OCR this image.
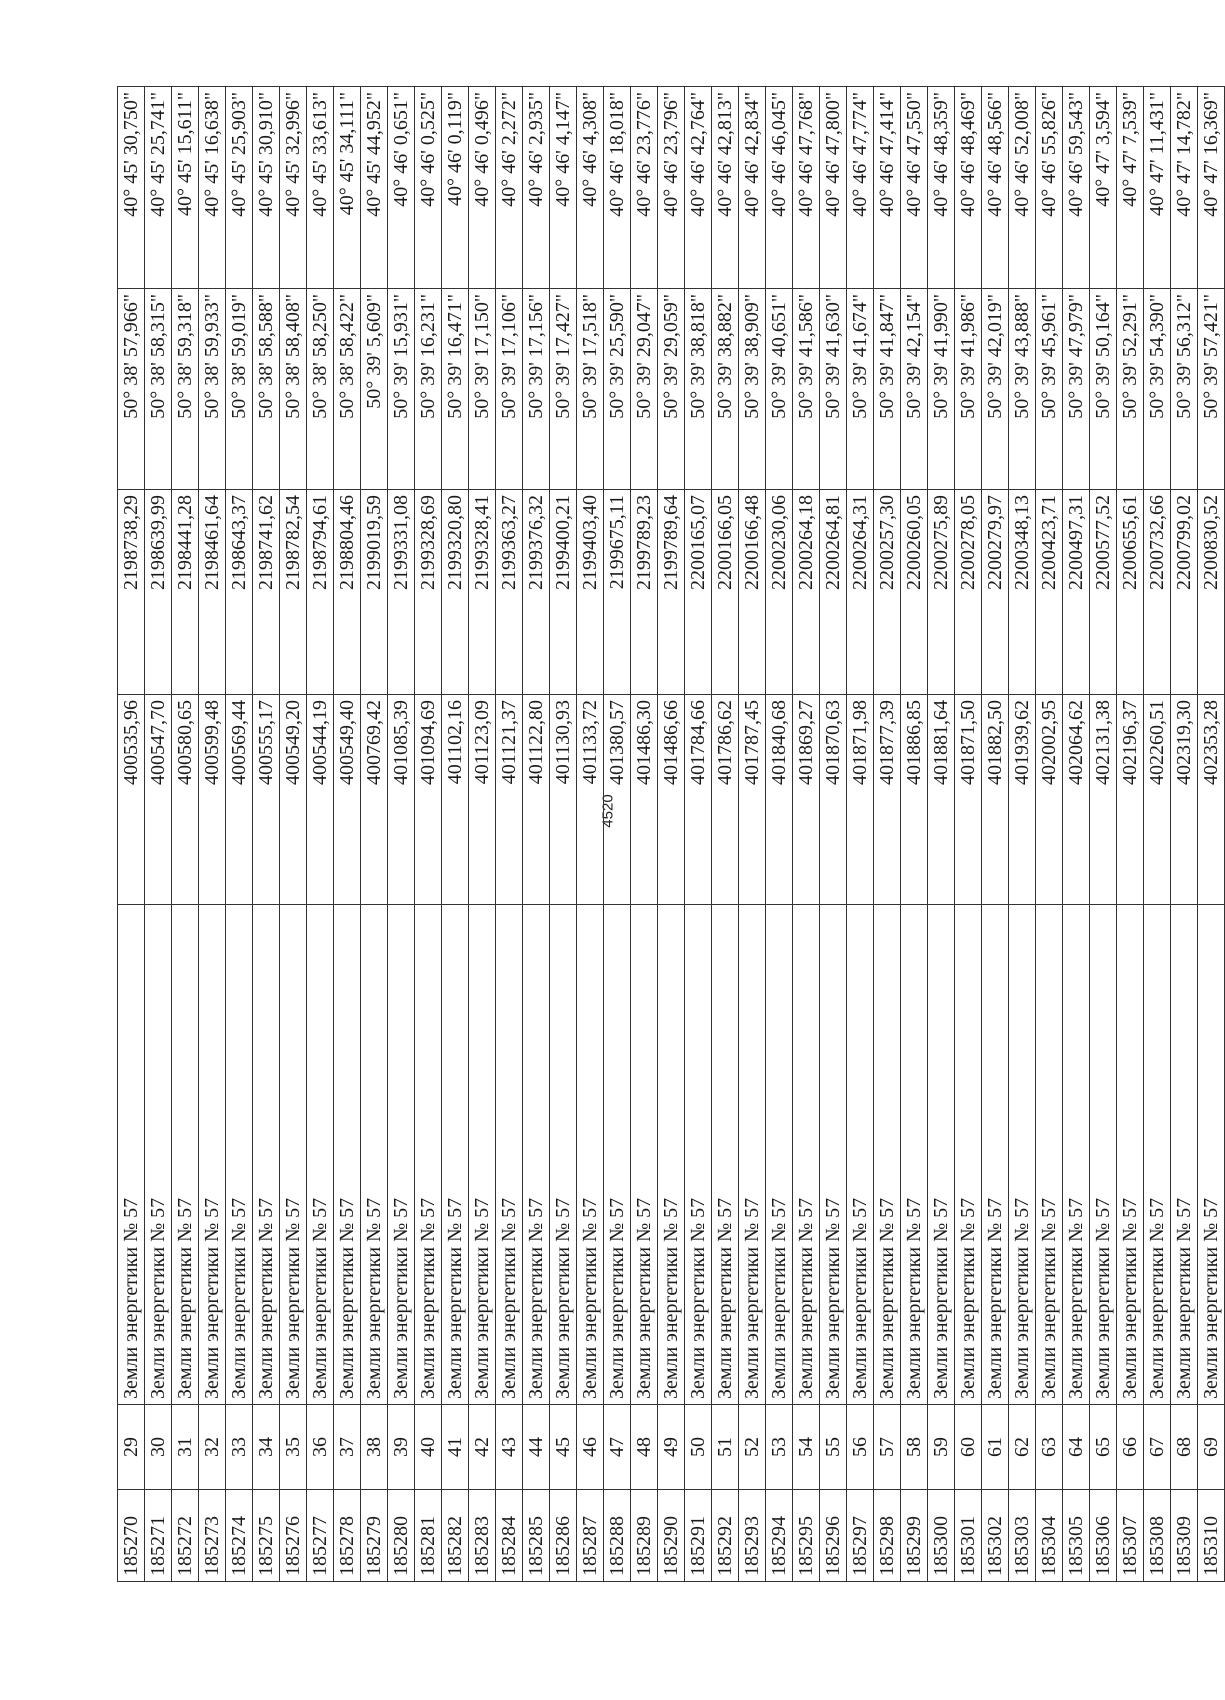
4520
185270	29	Земли энергетики № 57	400535,96	2198738,29	50° 38' 57,966"	40° 45' 30,750"
185271	30	Земли энергетики № 57	400547,70	2198639,99	50° 38' 58,315"	40° 45' 25,741"
185272	31	Земли энергетики № 57	400580,65	2198441,28	50° 38' 59,318"	40° 45' 15,611"
185273	32	Земли энергетики № 57	400599,48	2198461,64	50° 38' 59,933"	40° 45' 16,638"
185274	33	Земли энергетики № 57	400569,44	2198643,37	50° 38' 59,019"	40° 45' 25,903"
185275	34	Земли энергетики № 57	400555,17	2198741,62	50° 38' 58,588"	40° 45' 30,910"
185276	35	Земли энергетики № 57	400549,20	2198782,54	50° 38' 58,408"	40° 45' 32,996"
185277	36	Земли энергетики № 57	400544,19	2198794,61	50° 38' 58,250"	40° 45' 33,613"
185278	37	Земли энергетики № 57	400549,40	2198804,46	50° 38' 58,422"	40° 45' 34,111"
185279	38	Земли энергетики № 57	400769,42	2199019,59	50° 39' 5,609"	40° 45' 44,952"
185280	39	Земли энергетики № 57	401085,39	2199331,08	50° 39' 15,931"	40° 46' 0,651"
185281	40	Земли энергетики № 57	401094,69	2199328,69	50° 39' 16,231"	40° 46' 0,525"
185282	41	Земли энергетики № 57	401102,16	2199320,80	50° 39' 16,471"	40° 46' 0,119"
185283	42	Земли энергетики № 57	401123,09	2199328,41	50° 39' 17,150"	40° 46' 0,496"
185284	43	Земли энергетики № 57	401121,37	2199363,27	50° 39' 17,106"	40° 46' 2,272"
185285	44	Земли энергетики № 57	401122,80	2199376,32	50° 39' 17,156"	40° 46' 2,935"
185286	45	Земли энергетики № 57	401130,93	2199400,21	50° 39' 17,427"	40° 46' 4,147"
185287	46	Земли энергетики № 57	401133,72	2199403,40	50° 39' 17,518"	40° 46' 4,308"
185288	47	Земли энергетики № 57	401380,57	2199675,11	50° 39' 25,590"	40° 46' 18,018"
185289	48	Земли энергетики № 57	401486,30	2199789,23	50° 39' 29,047"	40° 46' 23,776"
185290	49	Земли энергетики № 57	401486,66	2199789,64	50° 39' 29,059"	40° 46' 23,796"
185291	50	Земли энергетики № 57	401784,66	2200165,07	50° 39' 38,818"	40° 46' 42,764"
185292	51	Земли энергетики № 57	401786,62	2200166,05	50° 39' 38,882"	40° 46' 42,813"
185293	52	Земли энергетики № 57	401787,45	2200166,48	50° 39' 38,909"	40° 46' 42,834"
185294	53	Земли энергетики № 57	401840,68	2200230,06	50° 39' 40,651"	40° 46' 46,045"
185295	54	Земли энергетики № 57	401869,27	2200264,18	50° 39' 41,586"	40° 46' 47,768"
185296	55	Земли энергетики № 57	401870,63	2200264,81	50° 39' 41,630"	40° 46' 47,800"
185297	56	Земли энергетики № 57	401871,98	2200264,31	50° 39' 41,674"	40° 46' 47,774"
185298	57	Земли энергетики № 57	401877,39	2200257,30	50° 39' 41,847"	40° 46' 47,414"
185299	58	Земли энергетики № 57	401886,85	2200260,05	50° 39' 42,154"	40° 46' 47,550"
185300	59	Земли энергетики № 57	401881,64	2200275,89	50° 39' 41,990"	40° 46' 48,359"
185301	60	Земли энергетики № 57	401871,50	2200278,05	50° 39' 41,986"	40° 46' 48,469"
185302	61	Земли энергетики № 57	401882,50	2200279,97	50° 39' 42,019"	40° 46' 48,566"
185303	62	Земли энергетики № 57	401939,62	2200348,13	50° 39' 43,888"	40° 46' 52,008"
185304	63	Земли энергетики № 57	402002,95	2200423,71	50° 39' 45,961"	40° 46' 55,826"
185305	64	Земли энергетики № 57	402064,62	2200497,31	50° 39' 47,979"	40° 46' 59,543"
185306	65	Земли энергетики № 57	402131,38	2200577,52	50° 39' 50,164"	40° 47' 3,594"
185307	66	Земли энергетики № 57	402196,37	2200655,61	50° 39' 52,291"	40° 47' 7,539"
185308	67	Земли энергетики № 57	402260,51	2200732,66	50° 39' 54,390"	40° 47' 11,431"
185309	68	Земли энергетики № 57	402319,30	2200799,02	50° 39' 56,312"	40° 47' 14,782"
185310	69	Земли энергетики № 57	402353,28	2200830,52	50° 39' 57,421"	40° 47' 16,369"
